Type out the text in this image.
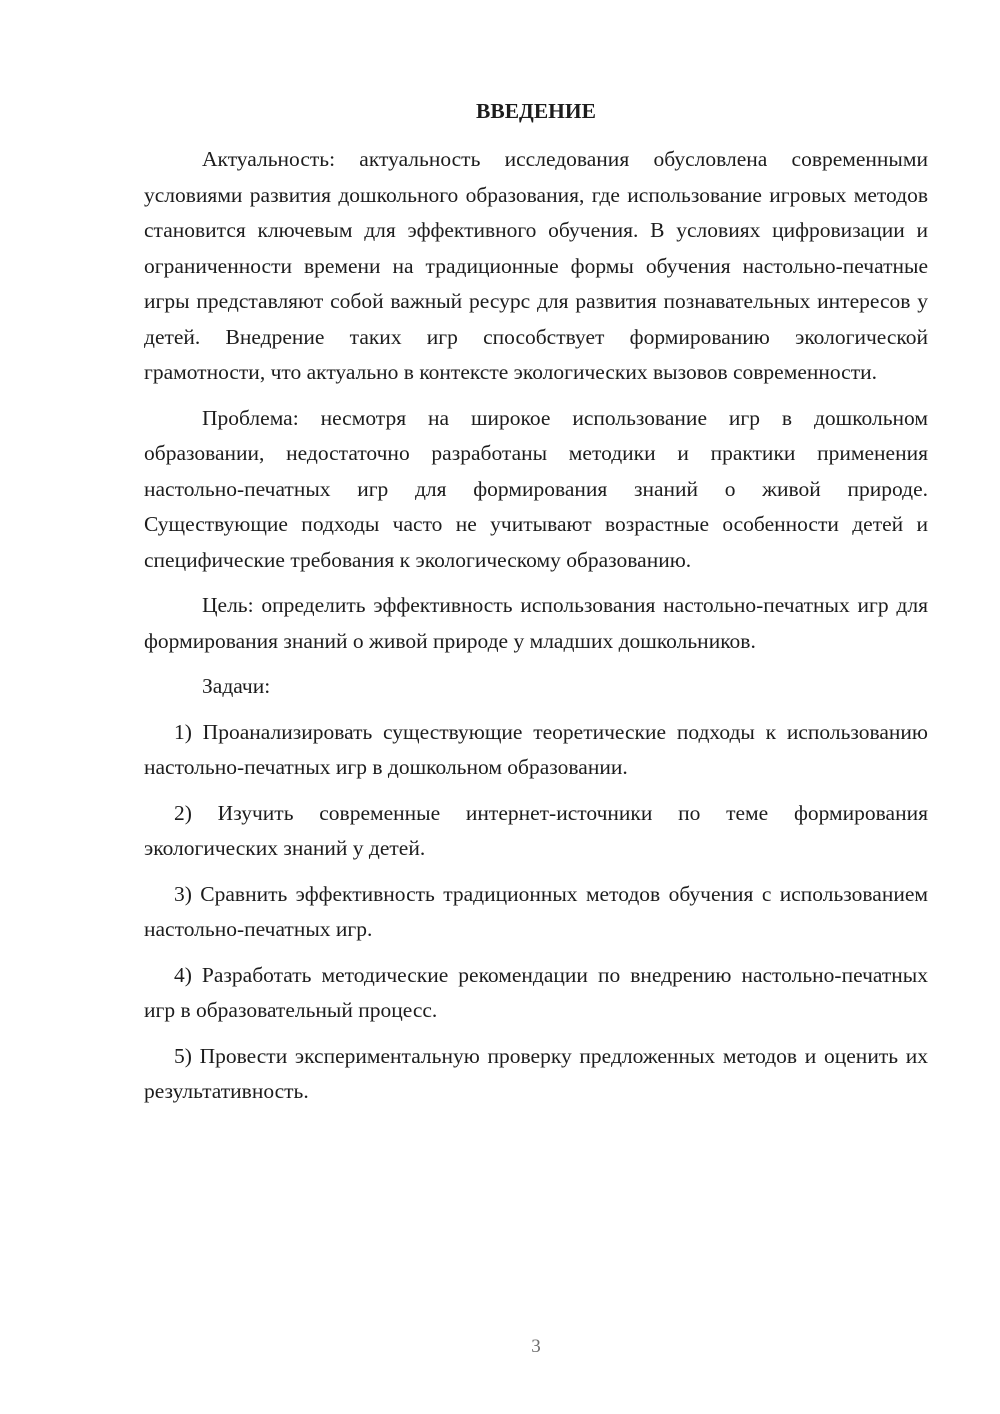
ВВЕДЕНИЕ

Актуальность: актуальность исследования обусловлена современными условиями развития дошкольного образования, где использование игровых методов становится ключевым для эффективного обучения. В условиях цифровизации и ограниченности времени на традиционные формы обучения настольно-печатные игры представляют собой важный ресурс для развития познавательных интересов у детей. Внедрение таких игр способствует формированию экологической грамотности, что актуально в контексте экологических вызовов современности.

Проблема: несмотря на широкое использование игр в дошкольном образовании, недостаточно разработаны методики и практики применения настольно-печатных игр для формирования знаний о живой природе. Существующие подходы часто не учитывают возрастные особенности детей и специфические требования к экологическому образованию.

Цель: определить эффективность использования настольно-печатных игр для формирования знаний о живой природе у младших дошкольников.

Задачи:

1) Проанализировать существующие теоретические подходы к использованию настольно-печатных игр в дошкольном образовании.

2) Изучить современные интернет-источники по теме формирования экологических знаний у детей.

3) Сравнить эффективность традиционных методов обучения с использованием настольно-печатных игр.

4) Разработать методические рекомендации по внедрению настольно-печатных игр в образовательный процесс.

5) Провести экспериментальную проверку предложенных методов и оценить их результативность.

3
